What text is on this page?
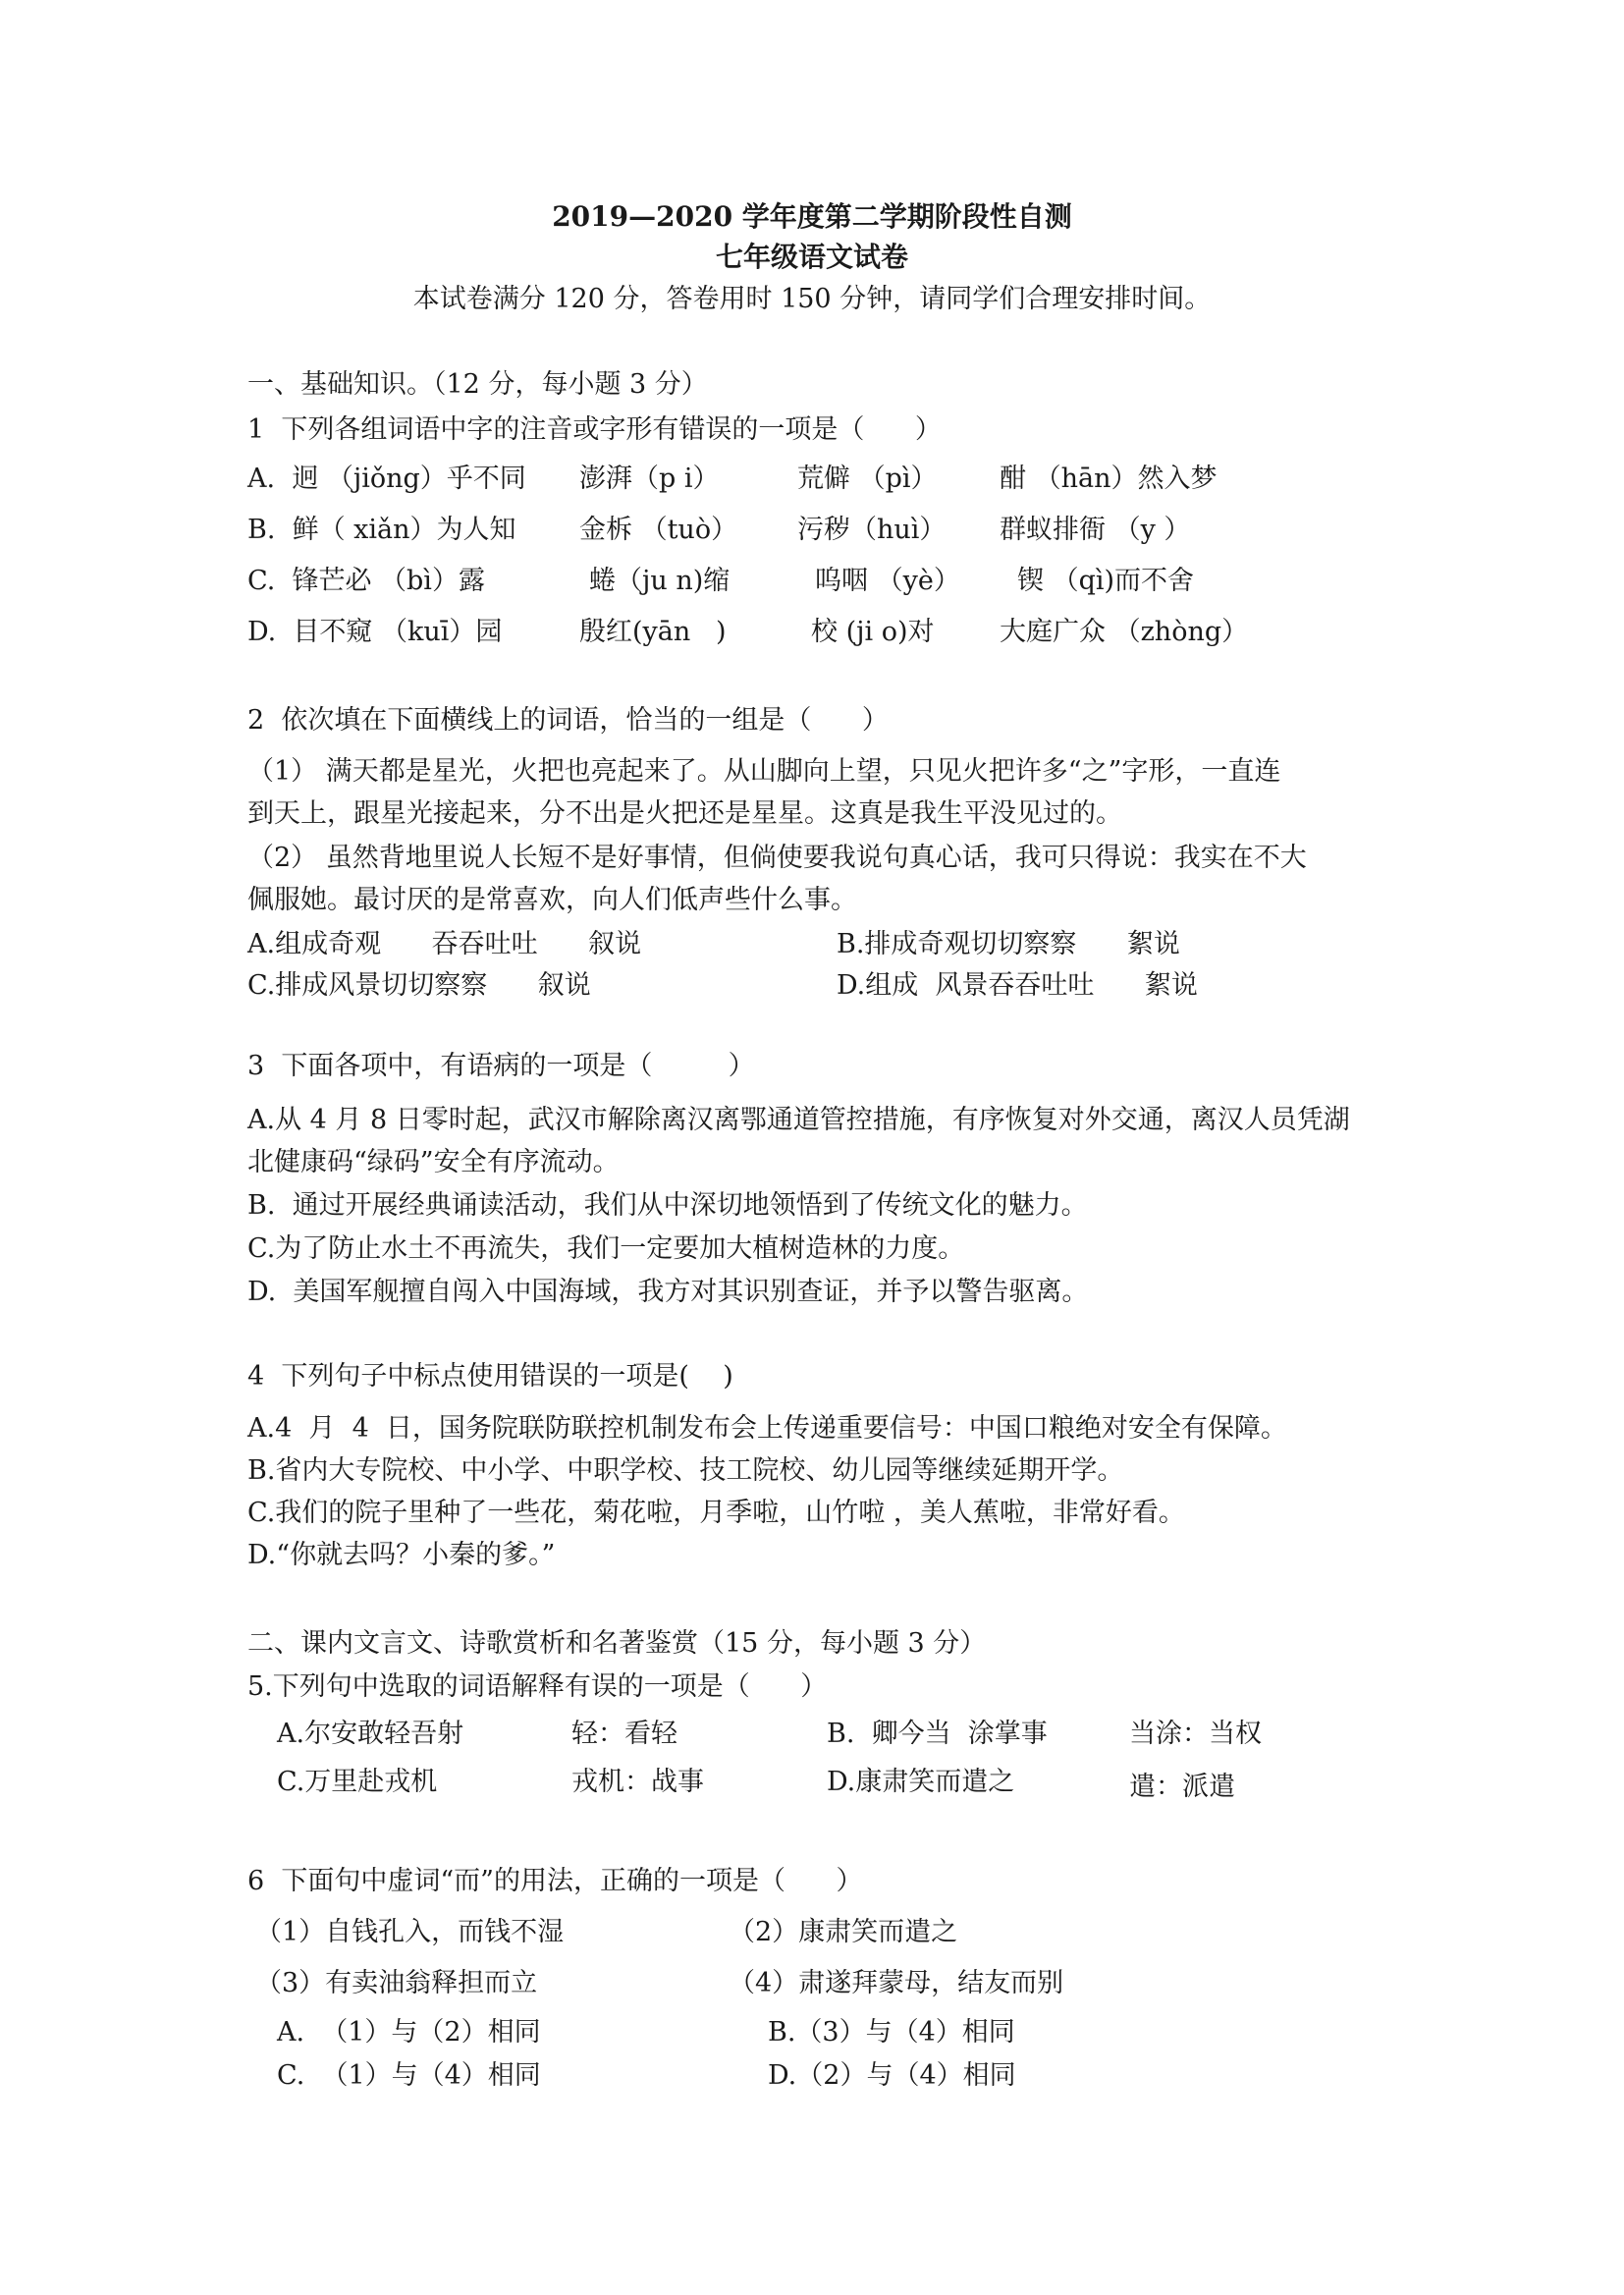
2019—2020 学年度第二学期阶段性自测
七年级语文试卷
本试卷满分 120 分，答卷用时 150 分钟，请同学们合理安排时间。
一、基础知识。（12 分，每小题 3 分）
1  下列各组词语中字的注音或字形有错误的一项是（      ）
A.  迥 （jiǒng）乎不同 澎湃（p i）	荒僻 （pì） 酣 （hān）然入梦
B.  鲜（ xiǎn）为人知 金柝 （tuò） 污秽（huì） 群蚁排衙 （y ）
C.  锋芒必 （bì）露	蜷（ju n)缩	呜咽 （yè） 锲 （qì)而不舍
D.  目不窥 （kuī）园	殷红(yān   )	校 (ji o)对 大庭广众 （zhòng）
2  依次填在下面横线上的词语，恰当的一组是（      ）
（1） 满天都是星光，火把也亮起来了。从山脚向上望，只见火把许多“之”字形，一直连
到天上，跟星光接起来，分不出是火把还是星星。这真是我生平没见过的。
（2） 虽然背地里说人长短不是好事情，但倘使要我说句真心话，我可只得说：我实在不大
佩服她。最讨厌的是常喜欢，向人们低声些什么事。
A.组成奇观      吞吞吐吐      叙说	B.排成奇观切切察察      絮说
C.排成风景切切察察      叙说	D.组成  风景吞吞吐吐      絮说
3  下面各项中，有语病的一项是（         ）
A.从 4 月 8 日零时起，武汉市解除离汉离鄂通道管控措施，有序恢复对外交通，离汉人员凭湖
北健康码“绿码”安全有序流动。
B.  通过开展经典诵读活动，我们从中深切地领悟到了传统文化的魅力。
C.为了防止水土不再流失，我们一定要加大植树造林的力度。
D.  美国军舰擅自闯入中国海域，我方对其识别查证，并予以警告驱离。
4  下列句子中标点使用错误的一项是(    )
A.4  月  4  日，国务院联防联控机制发布会上传递重要信号：中国口粮绝对安全有保障。
B.省内大专院校、中小学、中职学校、技工院校、幼儿园等继续延期开学。
C.我们的院子里种了一些花，菊花啦，月季啦，山竹啦 ，美人蕉啦，非常好看。
D.“你就去吗？小秦的爹。”
二、课内文言文、诗歌赏析和名著鉴赏（15 分，每小题 3 分）
5.下列句中选取的词语解释有误的一项是（      ）
A.尔安敢轻吾射	轻：看轻	B.  卿今当  涂掌事	当涂：当权
C.万里赴戎机	戎机：战事	D.康肃笑而遣之	遣：派遣
6  下面句中虚词“而”的用法，正确的一项是（      ）
（1）自钱孔入，而钱不湿	（2）康肃笑而遣之
（3）有卖油翁释担而立	（4）肃遂拜蒙母，结友而别
A.  （1）与（2）相同	B.（3）与（4）相同
C.  （1）与（4）相同	D.（2）与（4）相同
